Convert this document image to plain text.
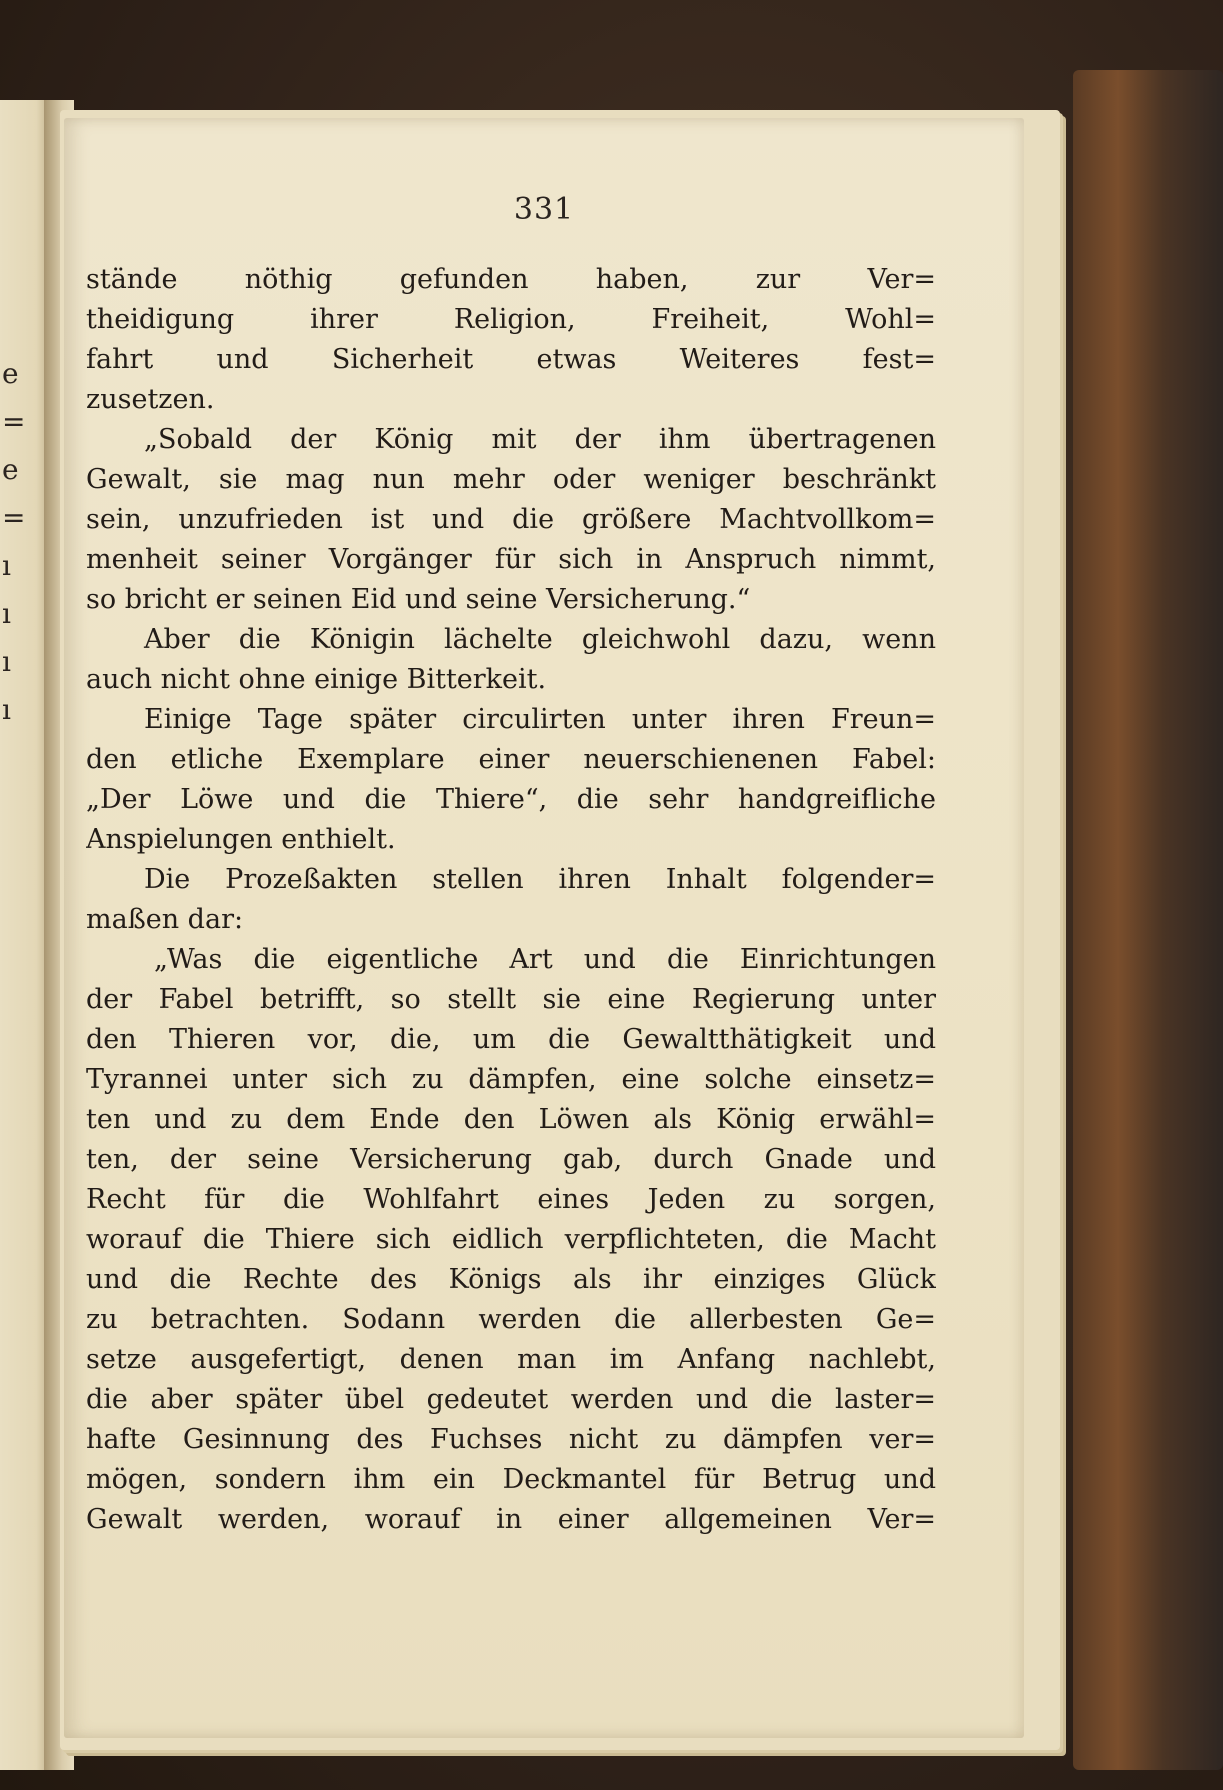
e
=
e
=
ı
ı
ı
ı
331
stände nöthig gefunden haben, zur Ver=
theidigung ihrer Religion, Freiheit, Wohl=
fahrt und Sicherheit etwas Weiteres fest=
zusetzen.
„Sobald der König mit der ihm übertragenen
Gewalt, sie mag nun mehr oder weniger beschränkt
sein, unzufrieden ist und die größere Machtvollkom=
menheit seiner Vorgänger für sich in Anspruch nimmt,
so bricht er seinen Eid und seine Versicherung.“
Aber die Königin lächelte gleichwohl dazu, wenn
auch nicht ohne einige Bitterkeit.
Einige Tage später circulirten unter ihren Freun=
den etliche Exemplare einer neuerschienenen Fabel:
„Der Löwe und die Thiere“, die sehr handgreifliche
Anspielungen enthielt.
Die Prozeßakten stellen ihren Inhalt folgender=
maßen dar:
„Was die eigentliche Art und die Einrichtungen
der Fabel betrifft, so stellt sie eine Regierung unter
den Thieren vor, die, um die Gewaltthätigkeit und
Tyrannei unter sich zu dämpfen, eine solche einsetz=
ten und zu dem Ende den Löwen als König erwähl=
ten, der seine Versicherung gab, durch Gnade und
Recht für die Wohlfahrt eines Jeden zu sorgen,
worauf die Thiere sich eidlich verpflichteten, die Macht
und die Rechte des Königs als ihr einziges Glück
zu betrachten. Sodann werden die allerbesten Ge=
setze ausgefertigt, denen man im Anfang nachlebt,
die aber später übel gedeutet werden und die laster=
hafte Gesinnung des Fuchses nicht zu dämpfen ver=
mögen, sondern ihm ein Deckmantel für Betrug und
Gewalt werden, worauf in einer allgemeinen Ver=
